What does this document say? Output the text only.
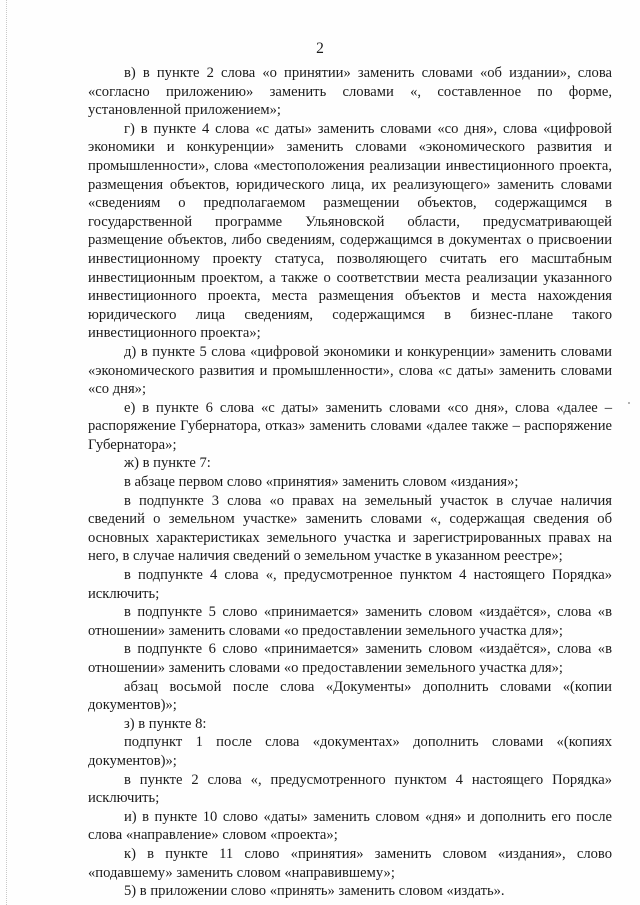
2

в) в пункте 2 слова «о принятии» заменить словами «об издании», слова «согласно приложению» заменить словами «, составленное по форме, установленной приложением»;

г) в пункте 4 слова «с даты» заменить словами «со дня», слова «цифровой экономики и конкуренции» заменить словами «экономического развития и промышленности», слова «местоположения реализации инвестиционного проекта, размещения объектов, юридического лица, их реализующего» заменить словами «сведениям о предполагаемом размещении объектов, содержащимся в государственной программе Ульяновской области, предусматривающей размещение объектов, либо сведениям, содержащимся в документах о присвоении инвестиционному проекту статуса, позволяющего считать его масштабным инвестиционным проектом, а также о соответствии места реализации указанного инвестиционного проекта, места размещения объектов и места нахождения юридического лица сведениям, содержащимся в бизнес-плане такого инвестиционного проекта»;

д) в пункте 5 слова «цифровой экономики и конкуренции» заменить словами «экономического развития и промышленности», слова «с даты» заменить словами «со дня»;

е) в пункте 6 слова «с даты» заменить словами «со дня», слова «далее – распоряжение Губернатора, отказ» заменить словами «далее также – распоряжение Губернатора»;

ж) в пункте 7:

в абзаце первом слово «принятия» заменить словом «издания»;

в подпункте 3 слова «о правах на земельный участок в случае наличия сведений о земельном участке» заменить словами «, содержащая сведения об основных характеристиках земельного участка и зарегистрированных правах на него, в случае наличия сведений о земельном участке в указанном реестре»;

в подпункте 4 слова «, предусмотренное пунктом 4 настоящего Порядка» исключить;

в подпункте 5 слово «принимается» заменить словом «издаётся», слова «в отношении» заменить словами «о предоставлении земельного участка для»;

в подпункте 6 слово «принимается» заменить словом «издаётся», слова «в отношении» заменить словами «о предоставлении земельного участка для»;

абзац восьмой после слова «Документы» дополнить словами «(копии документов)»;

з) в пункте 8:

подпункт 1 после слова «документах» дополнить словами «(копиях документов)»;

в пункте 2 слова «, предусмотренного пунктом 4 настоящего Порядка» исключить;

и) в пункте 10 слово «даты» заменить словом «дня» и дополнить его после слова «направление» словом «проекта»;

к) в пункте 11 слово «принятия» заменить словом «издания», слово «подавшему» заменить словом «направившему»;

5) в приложении слово «принять» заменить словом «издать».
